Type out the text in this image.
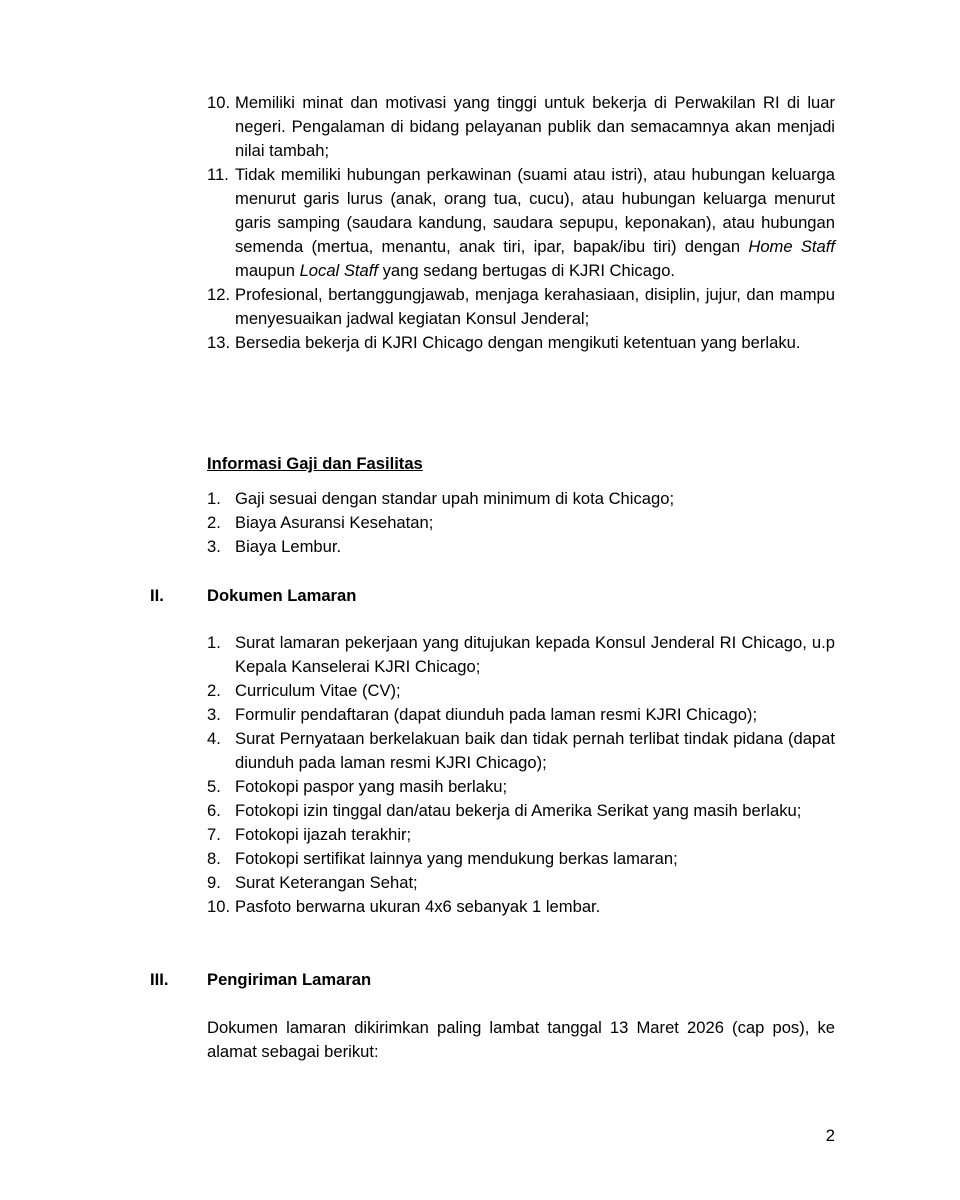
10. Memiliki minat dan motivasi yang tinggi untuk bekerja di Perwakilan RI di luar negeri. Pengalaman di bidang pelayanan publik dan semacamnya akan menjadi nilai tambah;
11. Tidak memiliki hubungan perkawinan (suami atau istri), atau hubungan keluarga menurut garis lurus (anak, orang tua, cucu), atau hubungan keluarga menurut garis samping (saudara kandung, saudara sepupu, keponakan), atau hubungan semenda (mertua, menantu, anak tiri, ipar, bapak/ibu tiri) dengan Home Staff maupun Local Staff yang sedang bertugas di KJRI Chicago.
12. Profesional, bertanggungjawab, menjaga kerahasiaan, disiplin, jujur, dan mampu menyesuaikan jadwal kegiatan Konsul Jenderal;
13. Bersedia bekerja di KJRI Chicago dengan mengikuti ketentuan yang berlaku.
Informasi Gaji dan Fasilitas
1. Gaji sesuai dengan standar upah minimum di kota Chicago;
2. Biaya Asuransi Kesehatan;
3. Biaya Lembur.
II.	Dokumen Lamaran
1. Surat lamaran pekerjaan yang ditujukan kepada Konsul Jenderal RI Chicago, u.p Kepala Kanselerai KJRI Chicago;
2. Curriculum Vitae (CV);
3. Formulir pendaftaran (dapat diunduh pada laman resmi KJRI Chicago);
4. Surat Pernyataan berkelakuan baik dan tidak pernah terlibat tindak pidana (dapat diunduh pada laman resmi KJRI Chicago);
5. Fotokopi paspor yang masih berlaku;
6. Fotokopi izin tinggal dan/atau bekerja di Amerika Serikat yang masih berlaku;
7. Fotokopi ijazah terakhir;
8. Fotokopi sertifikat lainnya yang mendukung berkas lamaran;
9. Surat Keterangan Sehat;
10. Pasfoto berwarna ukuran 4x6 sebanyak 1 lembar.
III. Pengiriman Lamaran
Dokumen lamaran dikirimkan paling lambat tanggal 13 Maret 2026 (cap pos), ke alamat sebagai berikut:
2
